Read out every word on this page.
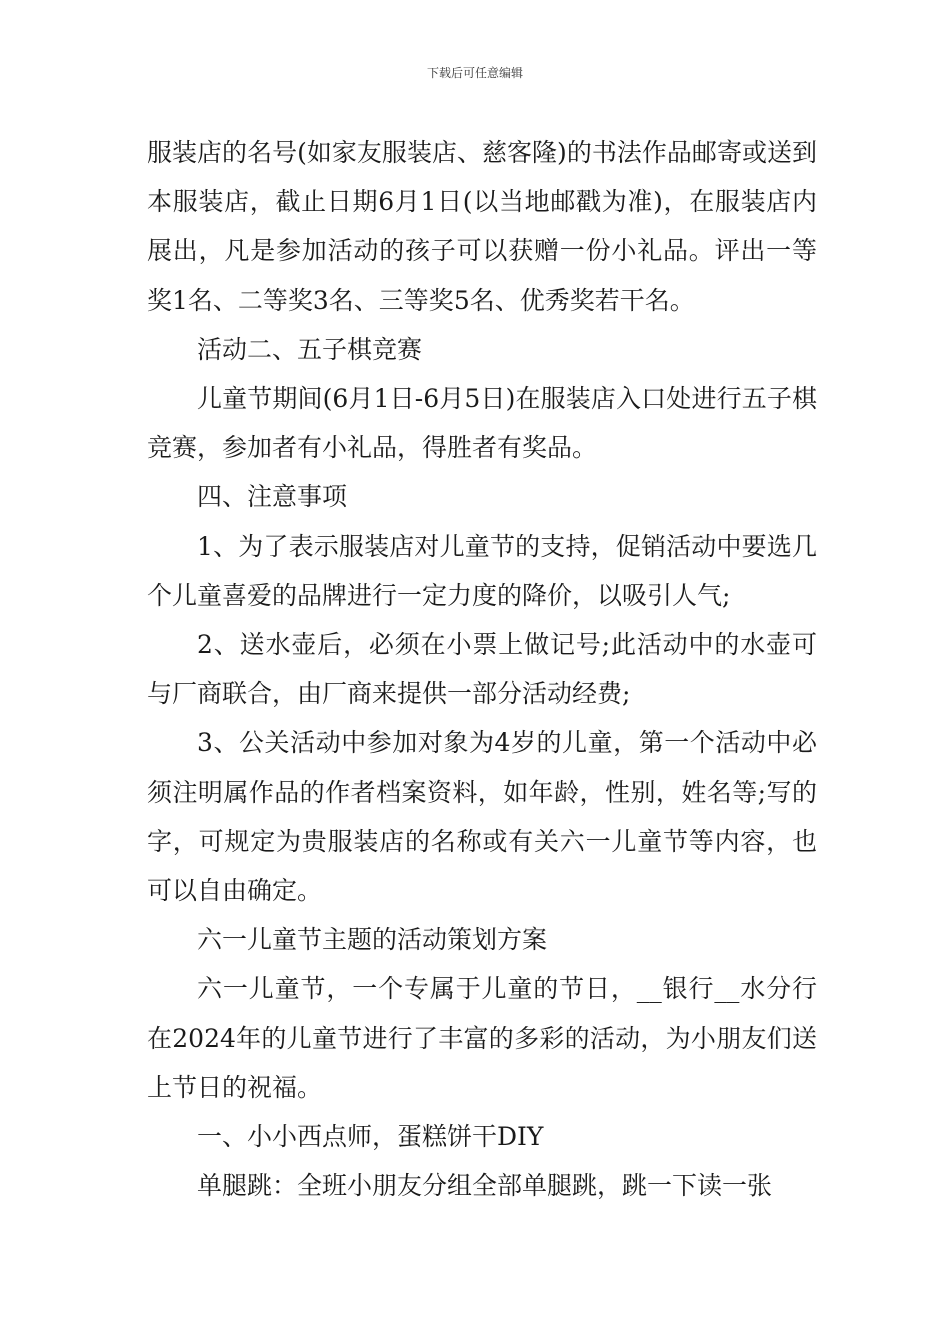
下载后可任意编辑

服装店的名号(如家友服装店、慈客隆)的书法作品邮寄或送到本服装店，截止日期6月1日(以当地邮戳为准)，在服装店内展出，凡是参加活动的孩子可以获赠一份小礼品。评出一等奖1名、二等奖3名、三等奖5名、优秀奖若干名。

活动二、五子棋竞赛

儿童节期间(6月1日-6月5日)在服装店入口处进行五子棋竞赛，参加者有小礼品，得胜者有奖品。

四、注意事项

1、为了表示服装店对儿童节的支持，促销活动中要选几个儿童喜爱的品牌进行一定力度的降价，以吸引人气;

2、送水壶后，必须在小票上做记号;此活动中的水壶可与厂商联合，由厂商来提供一部分活动经费;

3、公关活动中参加对象为4岁的儿童，第一个活动中必须注明属作品的作者档案资料，如年龄，性别，姓名等;写的字，可规定为贵服装店的名称或有关六一儿童节等内容，也可以自由确定。

六一儿童节主题的活动策划方案

六一儿童节，一个专属于儿童的节日，__银行__水分行在2024年的儿童节进行了丰富的多彩的活动，为小朋友们送上节日的祝福。

一、小小西点师，蛋糕饼干DIY

单腿跳：全班小朋友分组全部单腿跳，跳一下读一张
